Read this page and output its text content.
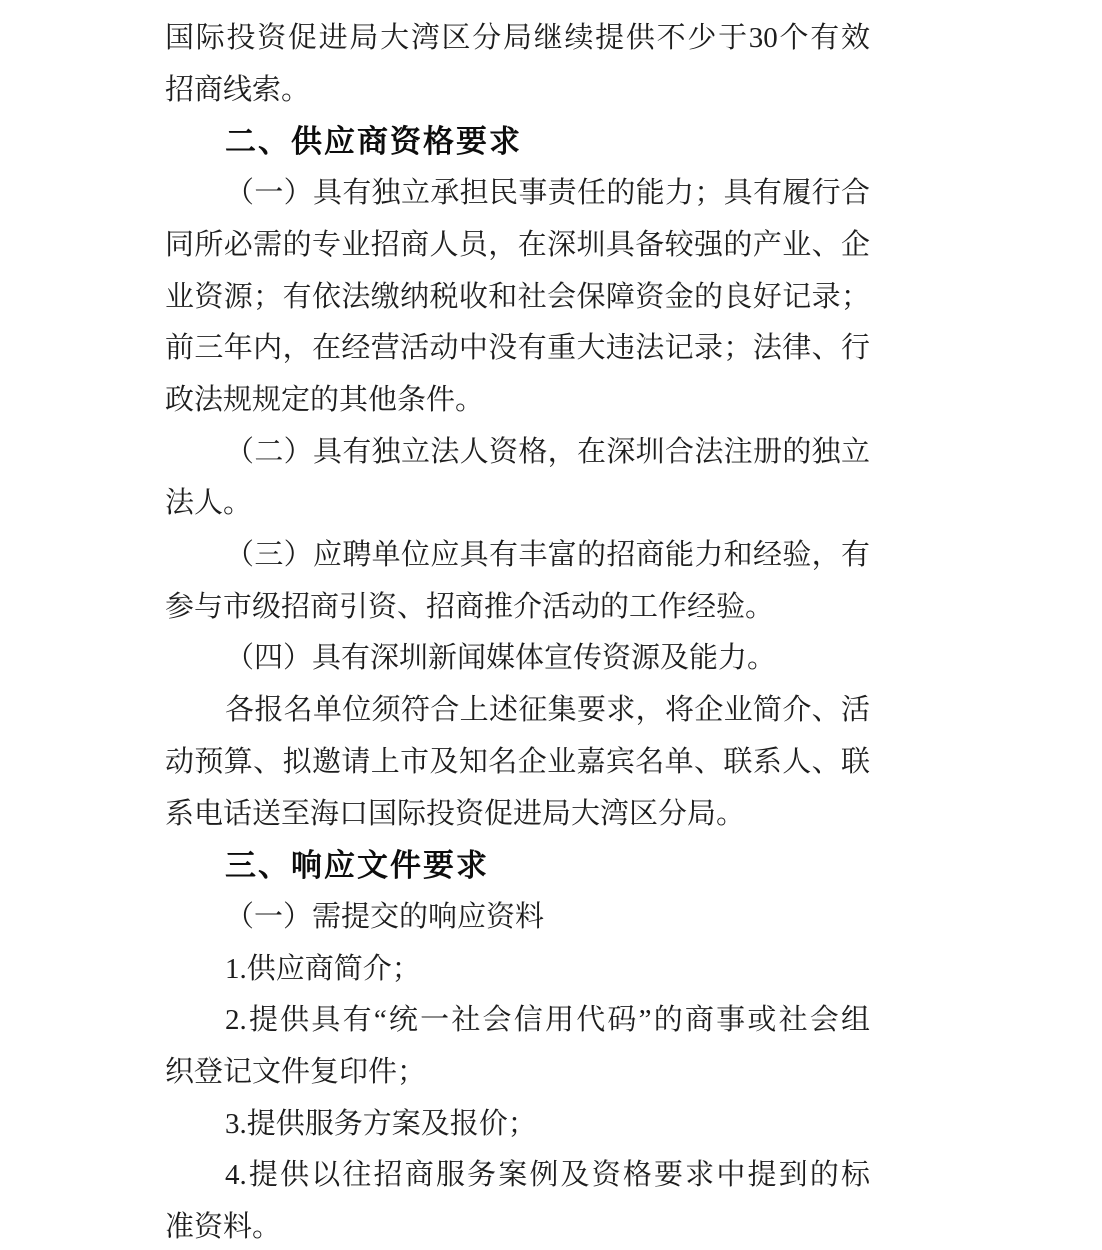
国际投资促进局大湾区分局继续提供不少于30个有效
招商线索。
二、供应商资格要求
（一）具有独立承担民事责任的能力；具有履行合
同所必需的专业招商人员，在深圳具备较强的产业、企
业资源；有依法缴纳税收和社会保障资金的良好记录；
前三年内，在经营活动中没有重大违法记录；法律、行
政法规规定的其他条件。
（二）具有独立法人资格，在深圳合法注册的独立
法人。
（三）应聘单位应具有丰富的招商能力和经验，有
参与市级招商引资、招商推介活动的工作经验。
（四）具有深圳新闻媒体宣传资源及能力。
各报名单位须符合上述征集要求，将企业简介、活
动预算、拟邀请上市及知名企业嘉宾名单、联系人、联
系电话送至海口国际投资促进局大湾区分局。
三、响应文件要求
（一）需提交的响应资料
1.供应商简介；
2.提供具有“统一社会信用代码”的商事或社会组
织登记文件复印件；
3.提供服务方案及报价；
4.提供以往招商服务案例及资格要求中提到的标
准资料。
